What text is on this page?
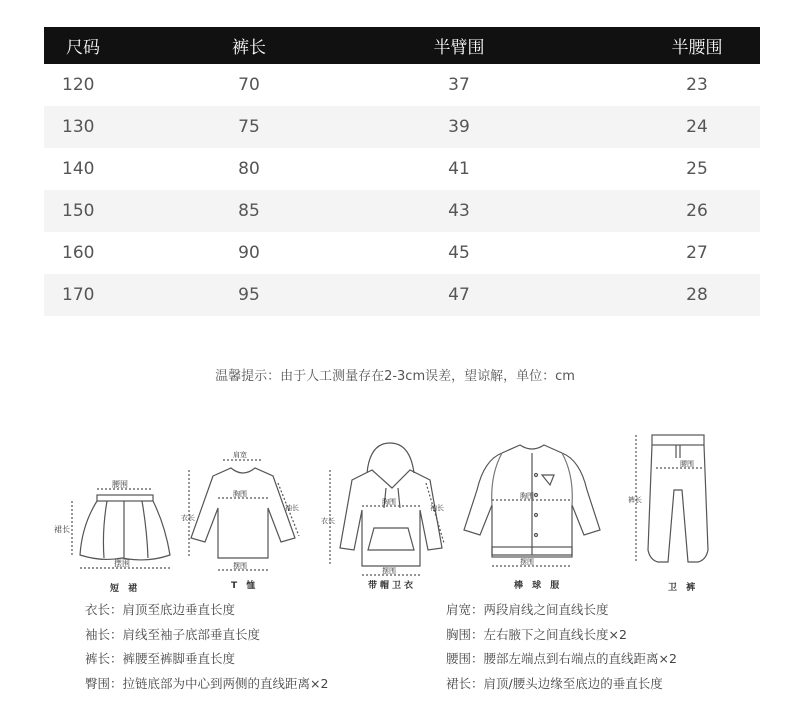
尺码	裤长	半臂围	半腰围
120	70	37	23
130	75	39	24
140	80	41	25
150	85	43	26
160	90	45	27
170	95	47	28
温馨提示：由于人工测量存在2-3cm误差，望谅解，单位：cm
腰围
裙长
摆围
短 裙
肩宽
衣长
胸围
袖长
摆围
T 恤
衣长
胸围
袖长
摆围
带帽卫衣
胸围
摆围
棒 球 服
裤长
腰围
卫 裤
衣长：肩顶至底边垂直长度
袖长：肩线至袖子底部垂直长度
裤长：裤腰至裤脚垂直长度
臀围：拉链底部为中心到两侧的直线距离×2
肩宽：两段肩线之间直线长度
胸围：左右腋下之间直线长度×2
腰围：腰部左端点到右端点的直线距离×2
裙长：肩顶/腰头边缘至底边的垂直长度
